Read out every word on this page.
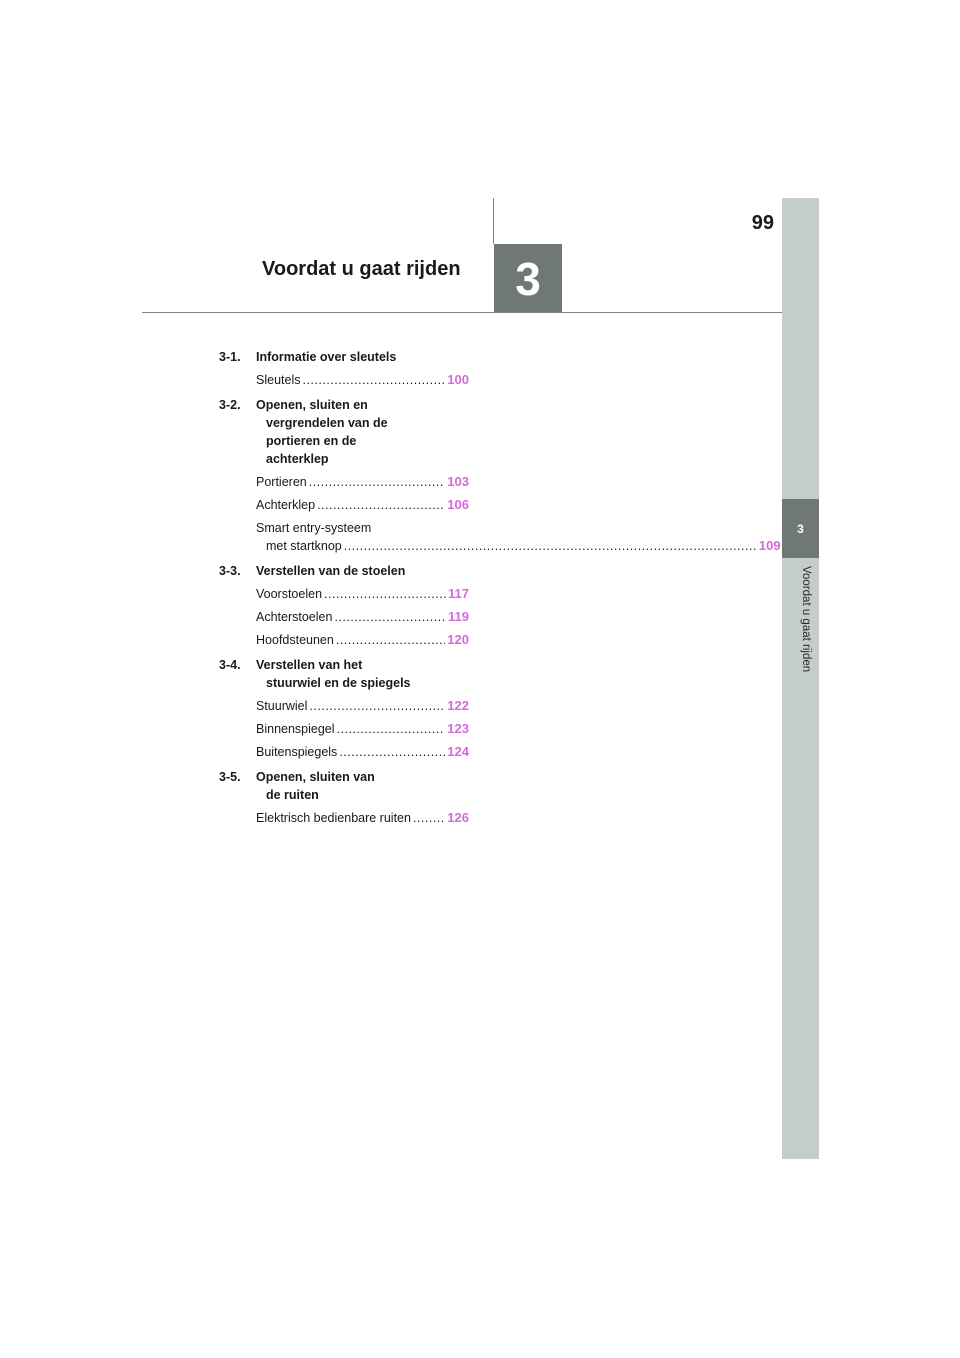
99
3
Voordat u gaat rijden
3
Voordat u gaat rijden
3-1.	Informatie over sleutels
Sleutels .....	100
3-2.	Openen, sluiten en
vergrendelen van de
portieren en de
achterklep
Portieren .....	103
Achterklep .....	106
Smart entry-systeem
met startknop .....	109
3-3.	Verstellen van de stoelen
Voorstoelen .....	117
Achterstoelen .....	119
Hoofdsteunen .....	120
3-4.	Verstellen van het
stuurwiel en de spiegels
Stuurwiel .....	122
Binnenspiegel .....	123
Buitenspiegels .....	124
3-5.	Openen, sluiten van
de ruiten
Elektrisch bedienbare ruiten .....	126
